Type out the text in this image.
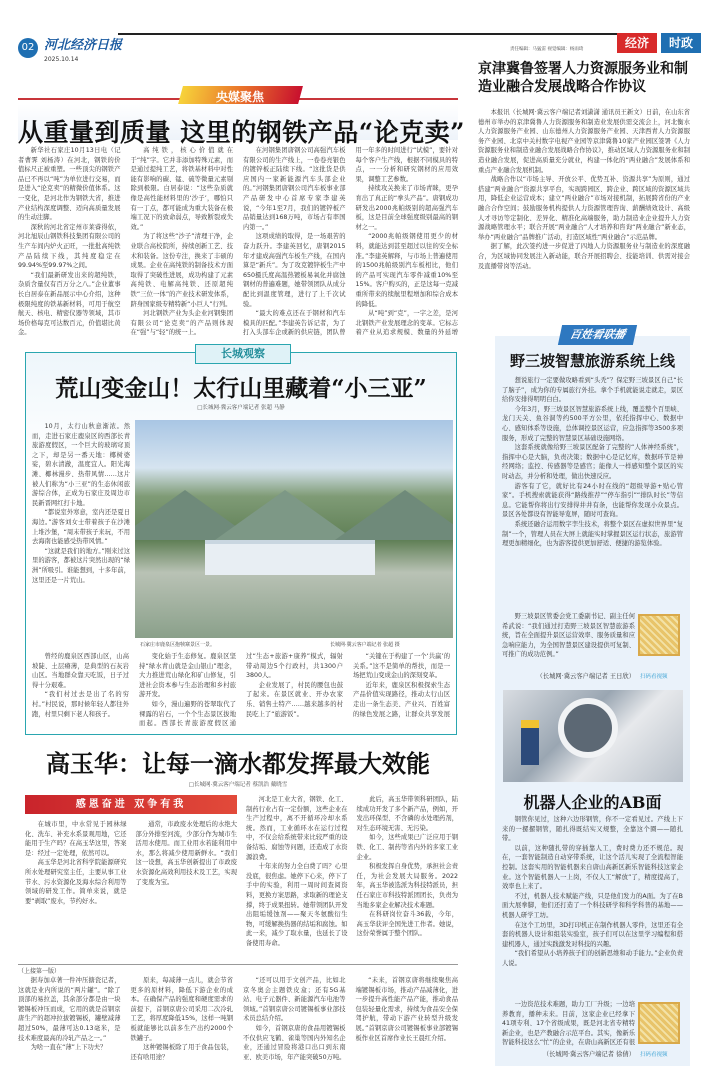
02 河北经济日报
2025.10.14
责任编辑：马猛雷 视觉编辑：杨雨琦	经济	时政
央媒聚焦
从重量到质量 这里的钢铁产品“论克卖”

新华社石家庄10月13日电（记者曹霁 刘杨涛）在河北，钢铁的价值标尺正被重塑。一些顶尖的钢铁产品已不再以“吨”为单位进行交易，而是进入“论克卖”的精微价值体系。这一变化，是河北作为钢铁大省，推进产业结构深度调整、迈向高质量发展的生动注脚。

深秋的河北省定州市莱睿得依，河北旭辰山钢铁科技集团有限公司的生产车间内炉火正旺，一批批高纯铁产品陆续下线，其纯度稳定在99.94%至99.97%之间。

“我们最新研发出来的超纯铁，杂质含量仅有百万分之八。”企业董事长白居泰在新品展示中心介绍，这种极限纯度的铁基新材料，可用于航空航天、核电、精密仪器等领域，其市场价格每克可达数百元，价值堪比黄金。

高纯铁，核心价值就在于“纯”字。它并非添加特殊元素，而是通过提纯工艺，将铁基材料中对性能有影响的碳、锰、硫等微量元素剔除到极限。白居泰说：“这些杂质就像是高性能材料里的‘沙子’，哪怕只有一丁点，都可能成为重大装备在极端工况下的致命弱点，导致断裂或失效。”

为了将这些“沙子”清理干净，企业联合高校院所，持续创新工艺、技术和装备。这份专注，换来了丰硕的成果。企业在高纯铁的制备技术方面取得了突破性进展，成功构建了元素高纯铁、电解高纯铁、还原超纯铁“三位一体”的产业技术研发体系，跻身国家级专精特新“小巨人”行列。

河北钢铁产业为头企业河钢集团有限公司“论克卖”的产品则体现在“强”与“轻”的统一上。

在河钢集团唐钢公司高强汽车板有限公司的生产线上，一卷卷亮银色的镀锌板正陆续下线。“这批货是供应国内一家新能源汽车头部企业的。”河钢集团唐钢公司汽车板事业部产品研发中心首席专家李建英说，“今年1至7月，我们的镀锌板产品销量达到168万吨，市场占有率国内第一。”

这项成绩的取得，是一场艰苦的奋力跃升。李建英回忆，唐钢2015年才建成高强汽车板生产线，在国内算是“新兵”。为了攻克镀锌板生产中650摄氏度高温热镀板易氧化并腐蚀钢材的普遍难题，她带领团队从成分配比到温度管理，进行了上千次试验。

“最大的难点还在于钢材和汽车模具的匹配。”李建英告诉记者，为了打入头部车企或新的供应链，团队曾用一年多的时间进行“试模”，要针对每个客户生产线，根据不同模具的特点，一一分析和研究钢材的应用效果，调整工艺参数。

持续攻关换来了市场青睐，更孕育出了真正的“拳头产品”。唐钢成功研发出2000兆帕级别的超高强汽车板，这是目前全球强度级别最高的钢材之一。

“2000兆帕级钢使用更少的材料，就能达到甚至超过以往的安全标准。”李建英解释，与市场上普遍使用的1500兆帕级别汽车板相比，他们的产品可实现汽车零件减重10%至15%。客户购买的，正是这每一克减重所带来的续航里程增加和综合成本的降低。

从“吨”到“克”，一字之差，是河北钢铁产业发展理念的变革。它标志着产业从追求规模、数量的外延增

长城观察
荒山变金山！太行山里藏着“小三亚”
□长城网·冀云客户端记者 张超 马静

10月，太行山秋意渐浓。然而，走进石家庄鹿泉区的西部长青旅游度假区，一个巨大的玻璃穹顶之下，却是另一番天地：椰树婆娑，碧水清澈，温度宜人。阳光海滩、椰林漫步、热带风情……这片被人们称为“小三亚”的生态休闲旅游综合体，正成为石家庄及周边市民新晋网红打卡地。

“都说室外寒意，室内还是夏日海边。”游客刘女士带着孩子在沙滩上堆沙堡，“周末带孩子来玩，不用去海南也能感受热带风情。”

“这就是我们的地方。”刚来过这里的游客，都被这片突然出现的“绿洲”所吸引。谁能想到，十多年前，这里还是一片荒山。

石家庄市鹿泉区抱犊寨景区一景。	长城网·冀云客户端记者 张超 摄

曾经的鹿泉区西部山区，山高坡陡、土层瘠薄，是典型的石灰岩山区。当地群众靠天吃饭，日子过得十分艰难。

“我们村过去是出了名的穷村。”村民说，那时候年轻人都往外跑，村里只剩下老人和孩子。

变化始于生态修复。鹿泉区坚持“绿水青山就是金山银山”理念，大力推进荒山绿化和矿山修复，引进社会资本参与生态治理和乡村旅游开发。

如今，漫山遍野的苍翠取代了裸露的岩石，一个个生态景区拔地而起。西部长青旅游度假区通过“生态+旅游+康养”模式，辐射带动周边5个行政村，共1300户3800人。

企业发展了，村民的腰包也鼓了起来。在景区就业、开办农家乐、销售土特产……越来越多的村民吃上了“旅游饭”。

“关键在于构建了一个‘共赢’的关系。”这不是简单的帮扶，而是一场把荒山变成金山的深刻变革。

近年来，鹿泉区积极探索生态产品价值实现路径，推动太行山区走出一条生态美、产业兴、百姓富的绿色发展之路，让群众共享发展

高玉华：让每一滴水都发挥最大效能
□长城网·冀云客户端记者 蔡凯浩 戴晓雪
感恩奋进 双争有我

在城市里，中水常见于园林绿化、洗车、补充水系景观用地，它还能用于生产吗？在高玉华这里，答案是：经过一定处理，依然可以。

高玉华是河北省科学院能源研究所水处理研究室主任，主要从事工业节水、污水资源化及海水综合利用等领域的研发工作。简单来说，就是要“剥取”废水，节约好水。

通常，市政废水处理后的水绝大部分外排至河流，少部分作为城市生活用水使用。而工业用水若能利用中水，那么将减少使用新鲜水。“我们这一设想，高玉华创新提出了市政废水资源化高效利用技术及工艺，实现了变废为宝。

河北是工业大省，钢铁、化工、制药行业占有一定份额，这些企业在生产过程中，离不开循环冷却水系统。然而，工业循环水在运行过程中，不仅会给系统带来比较严重的设备结垢、腐蚀等问题，还造成了水资源浪费。

十年来的努力全白费了吗？心里没底，很焦虑。她停下心来，停下了手中的实验，利用一周时间查阅资料，更换方案思路，求取新的理论支撑，终于成果扭转。她带领团队开发出阻垢缓蚀剂——聚天冬氨酸衍生物，可缓解换热器的结垢和腐蚀。如此一来，减少了取水量，也延长了设备使用寿命。

此后，高玉华带领科研团队，陆续成功开发了多个新产品，例如，开发出环保型、不含磷的水处理药剂，对生态环境无害、无污染。

如今，这些成果已广泛应用于钢铁、化工、制药等省内外的多家工业企业。

积极发挥自身优势，承担社会责任，为社会发展大局服务。2022年，高玉华被选派为科技特派员，担任石家庄市科技特派团团长，负责为当地多家企业解决技术难题。

在科研岗位奋斗36载，今年，高玉华获评全国先进工作者。她说，这份荣誉属于整个团队。

（上接第一版）

据寿加卓著一件冲压搪瓷记者，这就是业内所说的“两片罐”。“除了顶部的易拉盖，其余部分都是由一块镀锡板冲压而成，它用的就是首钢京唐生产的超冲拉拔镀锡板，罐壁减薄超过50%，最薄可达0.13毫米，是技术难度最高的冷轧产品之一。”

为啥一直在“薄”上下功夫？

原来，每减薄一点儿，就会节省更多的原材料，降低下游企业的成本。在确保产品的强度和硬度需求的前提下，首钢京唐公司采用二次冷轧工艺，将厚度降低15%，这样一吨钢板就能够比以前多生产出约2000个铁罐子。

这种镀锡板除了用于食品包装，还有啥用途？

“还可以用于文创产品，比如北京冬奥会主题铁皮盒；还有5G基站、电子元器件、新能源汽车电池等领域。”首钢京唐公司镀锡板事业部技术员总结介绍。

如今，首钢京唐的食品用镀锡板不仅供应飞鹤、雀巢等国内外知名企业，还通过冒险将港口出口到东南亚、欧美市场，年产能突破50万吨。

“未来，首钢京唐将继续聚焦高端镀锡板市场，推动产品减薄化，进一步提升高性能产品产能，推动食品包装轻量化需求，持续为食品安全保驾护航，带动下游产业转型升级发展。”首钢京唐公司镀锡板事业部镀锡板作业区首席作业长王晨红介绍。

京津冀鲁签署人力资源服务业和制造业融合发展战略合作协议

本报讯（长城网·冀云客户端记者刘潇潇 通讯员王新文）日前，在山东省德州市举办的京津冀鲁人力资源服务和制造业发展供需交流会上，河北衡水人力资源服务产业园、山东德州人力资源服务产业园、天津西青人力资源服务产业园、北京中关村数字电视产业园等京津冀鲁10家产业园区签署《人力资源服务业和制造业融合发展战略合作协议》，推动区域人力资源服务业和制造业融合发展，促进高质量充分就业，构建一体化的“两业融合”发展体系和重点产业融合发展机制。

战略合作以“市场主导、开放公平、优势互补、资源共享”为原则，通过搭建“两业融合”资源共享平台，实现跨园区、跨企业、跨区域的资源区域共用，降低企业运营成本；建立“两业融合”市场对接机制，拓展跨省份的产业融合合作空间；鼓励服务机构提供人力资源管理咨询、薪酬绩效设计、高级人才寻访等定制化、差异化、精准化高端服务，助力制造业企业提升人力资源战略管理水平；联合开展“两业融合”人才培养和咨询“两业融合”新业态，举办“两业融合”品牌推广活动，打造区域性“两业融合”示范品牌。

据了解，此次签约进一步促进了四地人力资源服务业与制造业的深度融合，为区域协同发展注入新动能，联合开展招聘会、技能培训、供需对接会及直播带岗等活动。

百姓看联播
野三坡智慧旅游系统上线

想说旅行一定要做攻略看到“头秃”？保定野三坡景区自己“长了脑子”，成为你的专属旅行外挂。拿个手机就能说走就走，景区给你安排得明明白白。

今年3月，野三坡景区智慧旅游系统上线，覆盖整个百里峡、龙门天关、鱼谷洞等约500平方公里，依托指挥中心、数据中心、感知体系等设施，总体调控景区运营，应急指挥等3500多项服务，形成了完整的智慧景区基础设施网络。

这套系统就像给野三坡景区配备了完整的“人体神经系统”，指挥中心是大脑，负责决策；数据中心是记忆库，数据环节是神经网络；监控、传感器等是感官；能像人一样感知整个景区的实时动态，并分析和处理，做出快速反应。

游客有了它，就好比有24小时在线的“超级导游+贴心管家”。手机搜索就能获得“路线推荐”“停车指引”“排队时长”等信息。它能帮你将出行安排得井井有条，也能帮你发现小众景点。景区各处都设有智能导览屏，随时可查询。

系统还融合运用数字孪生技术，将整个景区在虚拟世界里“复制”一个，管理人员在大屏上就能实时掌握景区运行状态，旅游管理更加精细化，也为游客提供更加舒适、便捷的游览体验。

野三坡景区管委会党工委副书记、副主任何希武说：“我们通过打造野三坡景区智慧旅游系统，旨在全面提升景区运营效率、服务质量和应急响应能力，为全国智慧景区建设提供可复制、可推广的成功范例。”

（长城网·冀云客户端记者 王日欣） 扫码看视频
机器人企业的AB面

钢管你见过，这种六边形钢管，你不一定看见过。产线上下来的一摞摞钢管，随扎得既结实又规整，全靠这个圈——随扎带。

以前，这种随扎带的穿插靠人工，费时费力还不规范。现在，一套智能制造自动穿带系统，让这个活儿实现了全流程智能控制。这套实用的智能机器来自唐山高新区新乐智能科技这家企业。这个智能机器人一上岗，不仅人工“解放”了，精度提高了，效率也上来了。

不过，机器人技术赋能产线，只是他们发力的A面。为了在B面大展拳脚，他们还打造了一个科技研学和科学科普的基地——机器人研学工坊。

在这个工坊里，3D打印机正在制作机器人零件，这里还有全套的机器人设计和组装实验室，孩子们可以在这里学习编程和搭建机器人，通过实践激发对科技的兴趣。

“我们希望从小培养孩子们的创新思维和动手能力。”企业负责人说。

一边资范技术难题，助力工厂升级；一边培养教育，播种未来。目前，这家企业已经拿下41项专利、17个省级成果，既是河北省专精特新企业，也是产教融合示范平台。其实，像新乐智能科技这么“忙”的企业，在唐山高新区还有很

（长城网·冀云客户端记者 徐倩） 扫码看视频
